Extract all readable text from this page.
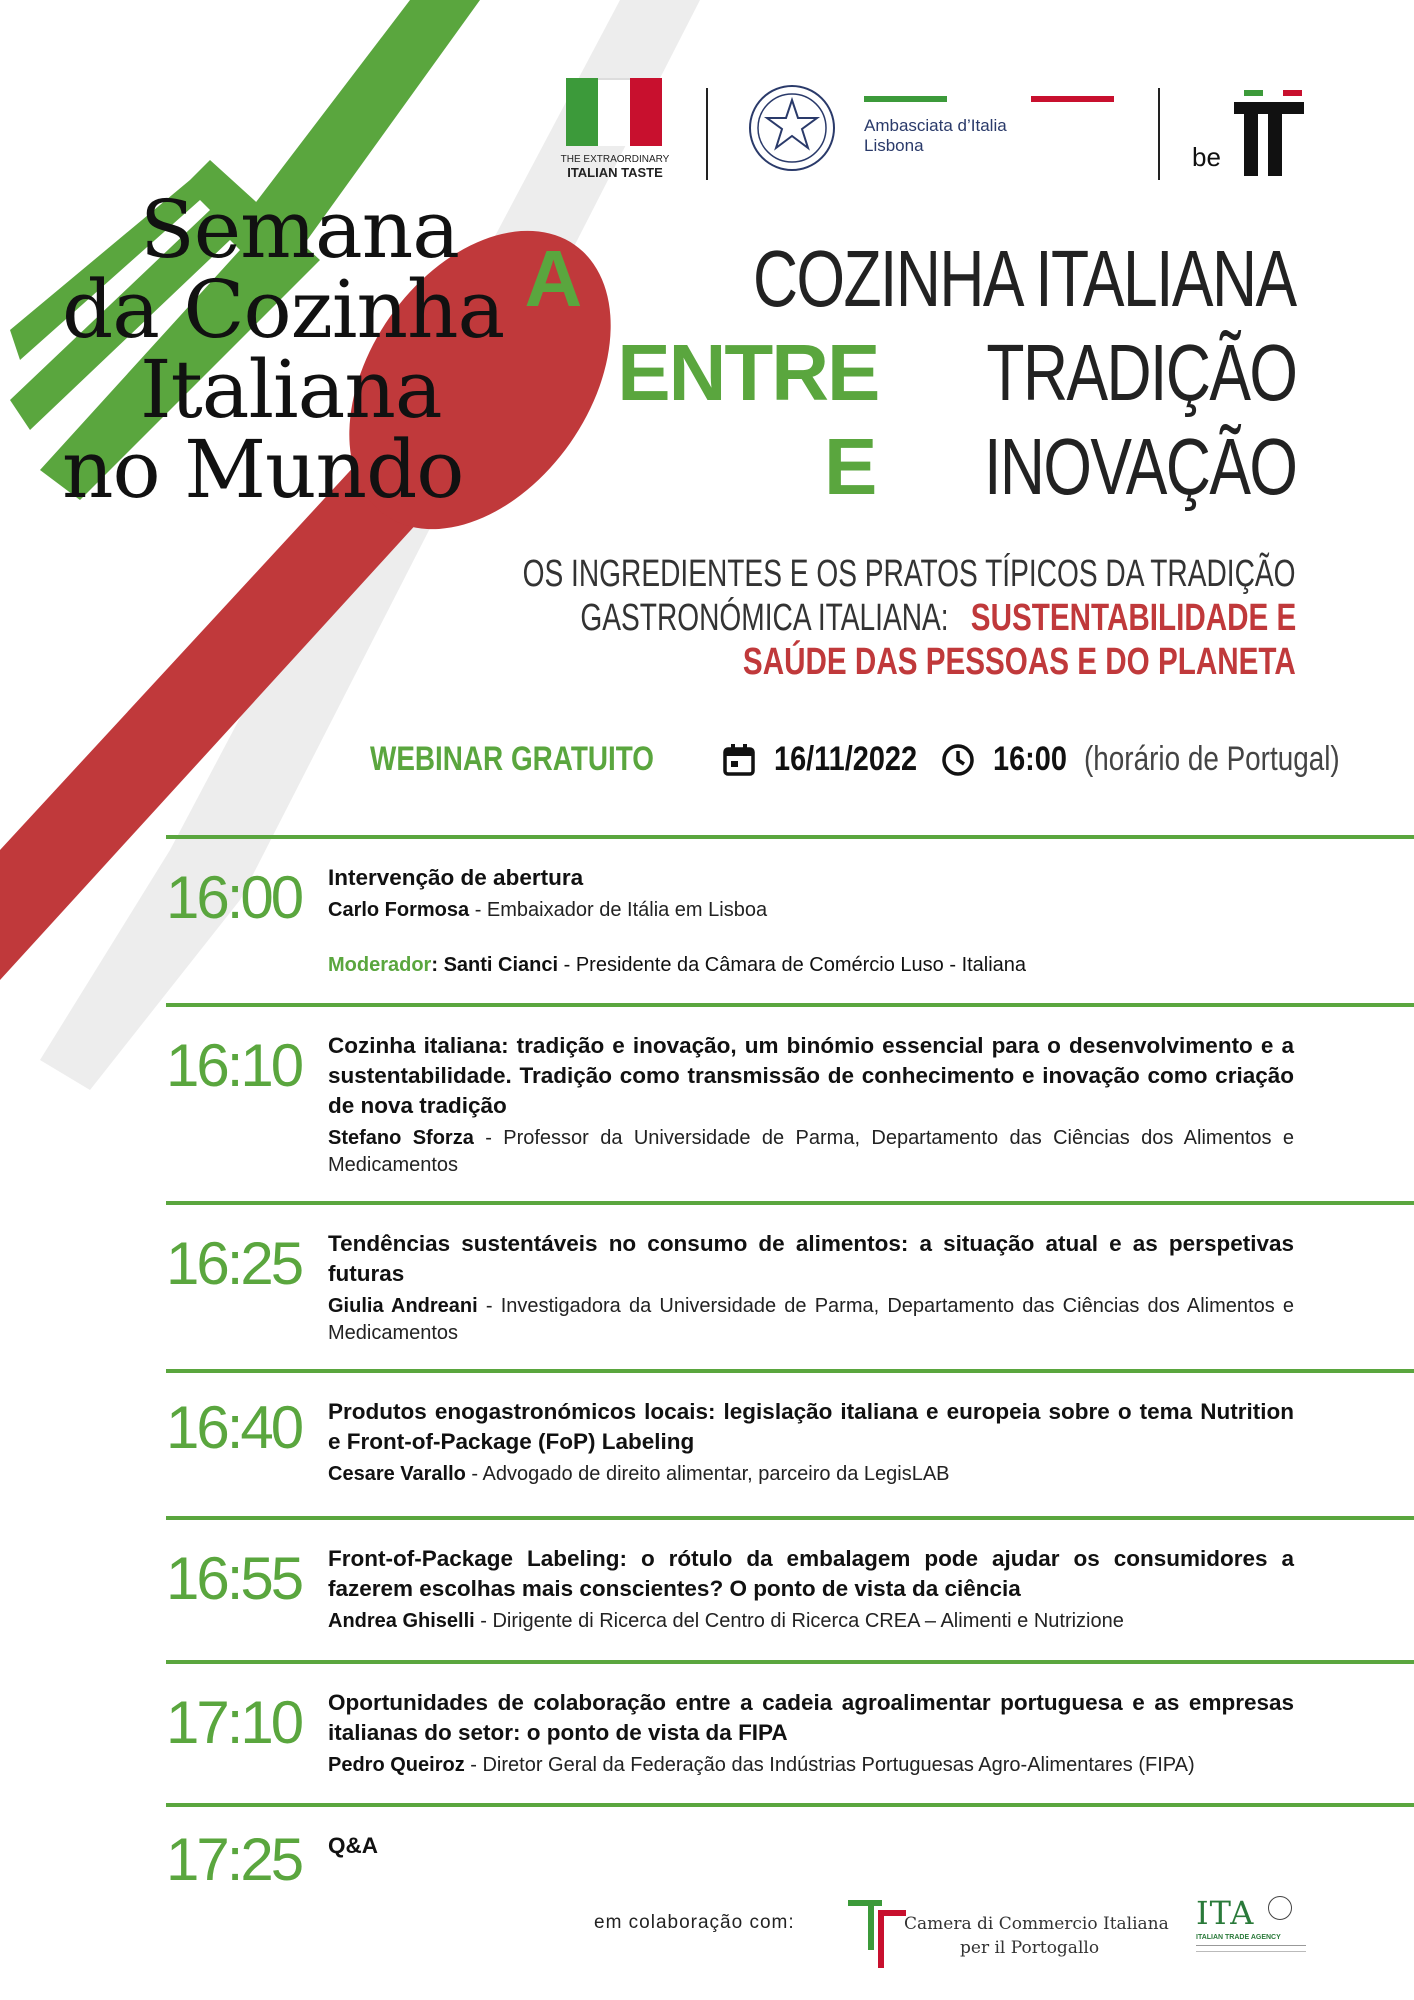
THE EXTRAORDINARY
ITALIAN TASTE
Ambasciata d’Italia
Lisbona	be
Semana
da Cozinha
Italiana
no Mundo
A COZINHA ITALIANA
ENTRE TRADIÇÃO
E INOVAÇÃO
OS INGREDIENTES E OS PRATOS TÍPICOS DA TRADIÇÃO
GASTRONÓMICA ITALIANA: SUSTENTABILIDADE E
SAÚDE DAS PESSOAS E DO PLANETA
WEBINAR GRATUITO	16/11/2022 16:00 (horário de Portugal)
16:00 Intervenção de abertura
Carlo Formosa - Embaixador de Itália em Lisboa
Moderador: Santi Cianci - Presidente da Câmara de Comércio Luso - Italiana
16:10 Cozinha italiana: tradição e inovação, um binómio essencial para o desenvolvimento e a sustentabilidade. Tradição como transmissão de conhecimento e inovação como criação de nova tradição
Stefano Sforza - Professor da Universidade de Parma, Departamento das Ciências dos Alimentos e Medicamentos
16:25 Tendências sustentáveis no consumo de alimentos: a situação atual e as perspetivas futuras
Giulia Andreani - Investigadora da Universidade de Parma, Departamento das Ciências dos Alimentos e Medicamentos
16:40 Produtos enogastronómicos locais: legislação italiana e europeia sobre o tema Nutrition e Front-of-Package (FoP) Labeling
Cesare Varallo - Advogado de direito alimentar, parceiro da LegisLAB
16:55 Front-of-Package Labeling: o rótulo da embalagem pode ajudar os consumidores a fazerem escolhas mais conscientes? O ponto de vista da ciência
Andrea Ghiselli - Dirigente di Ricerca del Centro di Ricerca CREA – Alimenti e Nutrizione
17:10 Oportunidades de colaboração entre a cadeia agroalimentar portuguesa e as empresas italianas do setor: o ponto de vista da FIPA
Pedro Queiroz - Diretor Geral da Federação das Indústrias Portuguesas Agro-Alimentares (FIPA)
17:25 Q&A
em colaboração com:	Camera di Commercio Italiana
per il Portogallo
ITA
ITALIAN TRADE AGENCY
